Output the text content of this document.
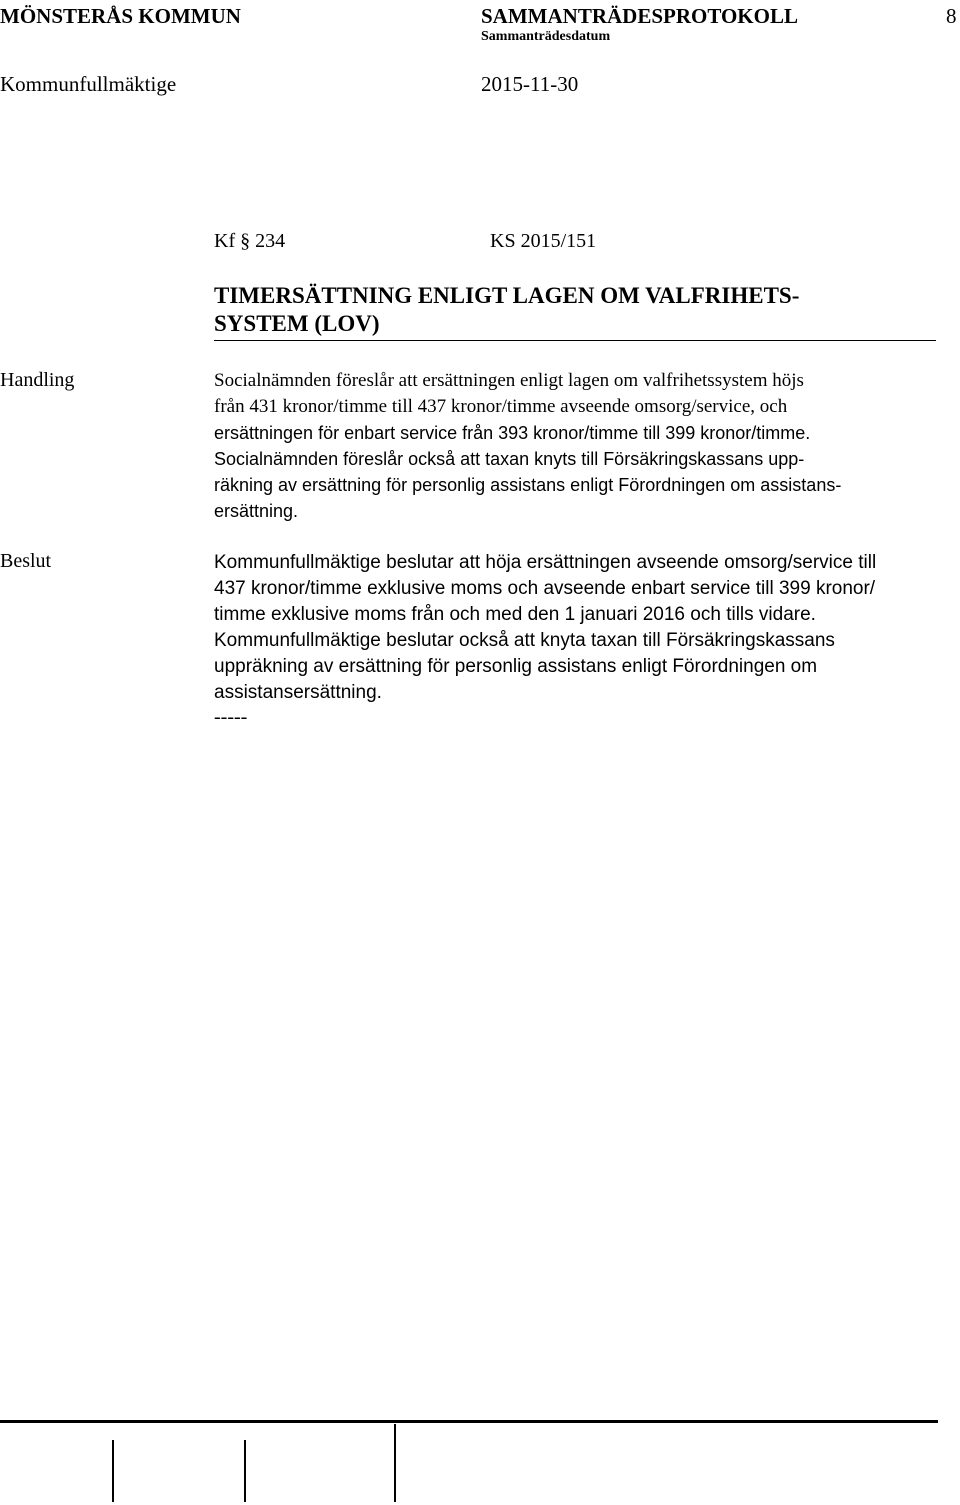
MÖNSTERÅS KOMMUN	SAMMANTRÄDESPROTOKOLL	8
Sammanträdesdatum
Kommunfullmäktige	2015-11-30
Kf § 234	KS 2015/151
TIMERSÄTTNING ENLIGT LAGEN OM VALFRIHETS-
SYSTEM (LOV)
Handling	Socialnämnden föreslår att ersättningen enligt lagen om valfrihetssystem höjs

från 431 kronor/timme till 437 kronor/timme avseende omsorg/service, och

ersättningen för enbart service från 393 kronor/timme till 399 kronor/timme.

Socialnämnden föreslår också att taxan knyts till Försäkringskassans upp-

räkning av ersättning för personlig assistans enligt Förordningen om assistans-

ersättning.

Beslut	Kommunfullmäktige beslutar att höja ersättningen avseende omsorg/service till

437 kronor/timme exklusive moms och avseende enbart service till 399 kronor/

timme exklusive moms från och med den 1 januari 2016 och tills vidare.

Kommunfullmäktige beslutar också att knyta taxan till Försäkringskassans

uppräkning av ersättning för personlig assistans enligt Förordningen om

assistansersättning.

-----
